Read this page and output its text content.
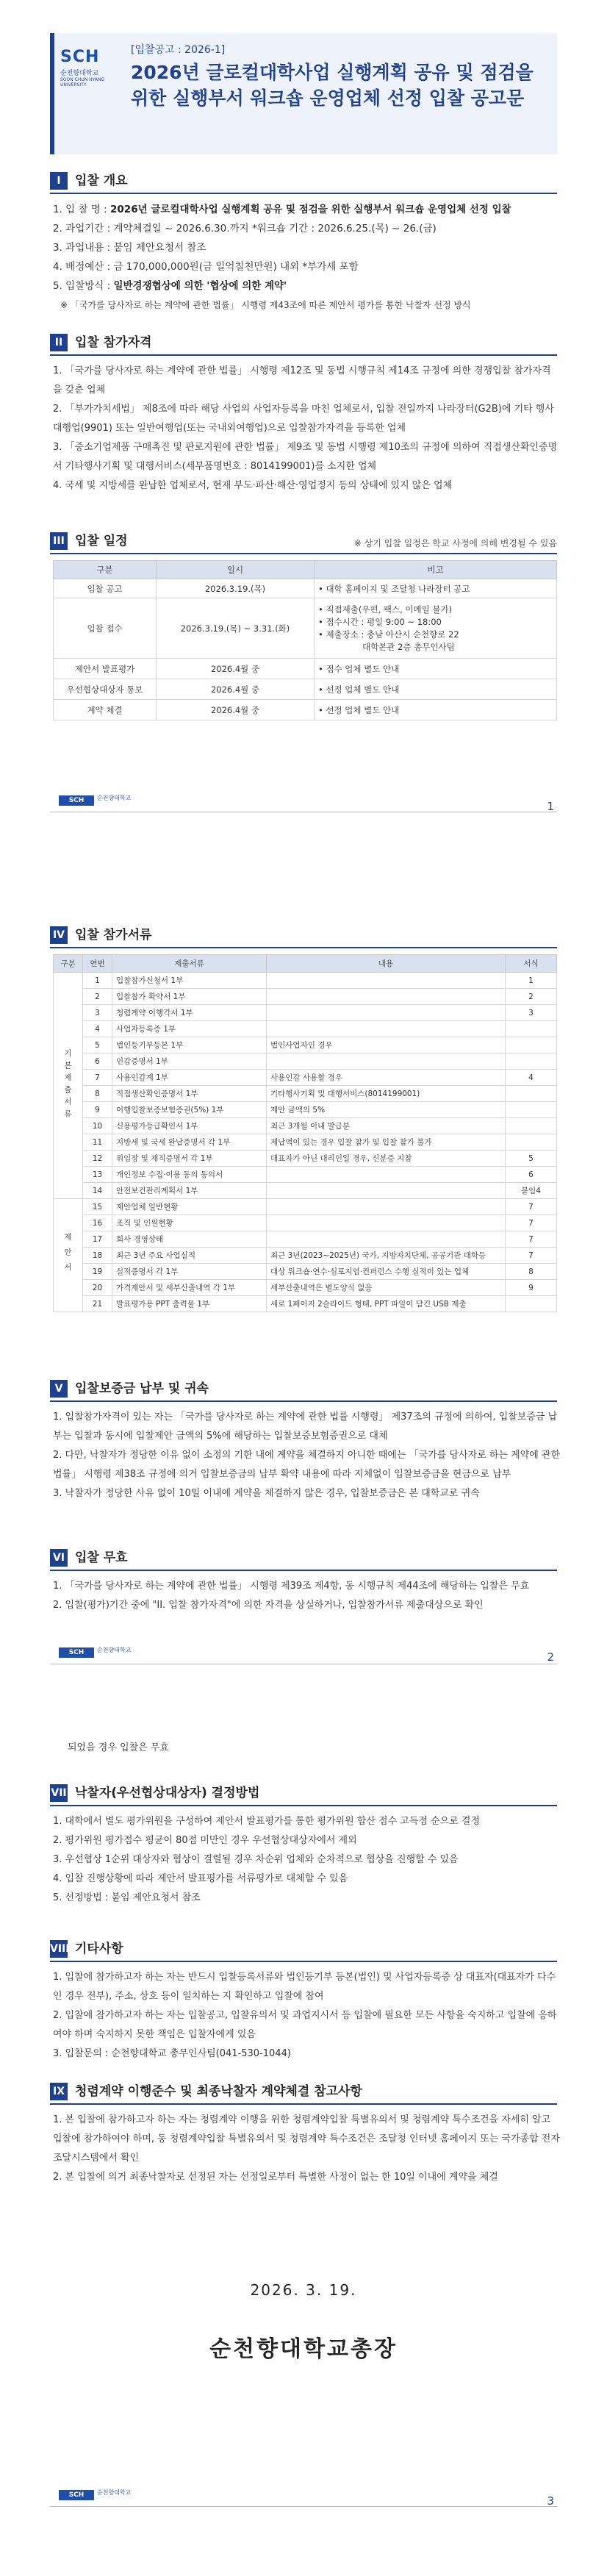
SCH
순천향대학교
SOON CHUN HYANG UNIVERSITY
[입찰공고 : 2026-1]
2026년 글로컬대학사업 실행계획 공유 및 점검을 위한 실행부서 워크숍 운영업체 선정 입찰 공고문
I	입찰 개요

1. 입 찰 명 : 2026년 글로컬대학사업 실행계획 공유 및 점검을 위한 실행부서 워크숍 운영업체 선정 입찰

2. 과업기간 : 계약체결일 ~ 2026.6.30.까지 *워크숍 기간 : 2026.6.25.(목) ~ 26.(금)

3. 과업내용 : 붙임 제안요청서 참조

4. 배정예산 : 금 170,000,000원(금 일억칠천만원) 내외 *부가세 포함

5. 입찰방식 : 일반경쟁협상에 의한 '협상에 의한 계약'

※ 「국가를 당사자로 하는 계약에 관한 법률」 시행령 제43조에 따른 제안서 평가를 통한 낙찰자 선정 방식

II 입찰 참가자격

1. 「국가를 당사자로 하는 계약에 관한 법률」 시행령 제12조 및 동법 시행규칙 제14조 규정에 의한 경쟁입찰 참가자격을 갖춘 업체

2. 「부가가치세법」 제8조에 따라 해당 사업의 사업자등록을 마친 업체로서, 입찰 전일까지 나라장터(G2B)에 기타 행사대행업(9901) 또는 일반여행업(또는 국내외여행업)으로 입찰참가자격을 등록한 업체

3. 「중소기업제품 구매촉진 및 판로지원에 관한 법률」 제9조 및 동법 시행령 제10조의 규정에 의하여 직접생산확인증명서 기타행사기획 및 대행서비스(세부품명번호 : 8014199001)를 소지한 업체

4. 국세 및 지방세를 완납한 업체로서, 현재 부도·파산·해산·영업정지 등의 상태에 있지 않은 업체

III 입찰 일정	※ 상기 입찰 일정은 학교 사정에 의해 변경될 수 있음
구분	일시	비고
입찰 공고	2026.3.19.(목)	• 대학 홈페이지 및 조달청 나라장터 공고
입찰 접수	2026.3.19.(목) ~ 3.31.(화)	• 직접제출(우편, 팩스, 이메일 불가)
• 접수시간 : 평일 9:00 ~ 18:00
• 제출장소 : 충남 아산시 순천향로 22
대학본관 2층 총무인사팀

제안서 발표평가	2026.4월 중	• 접수 업체 별도 안내
우선협상대상자 통보	2026.4월 중	• 선정 업체 별도 안내
계약 체결	2026.4월 중	• 선정 업체 별도 안내
SCH	순천향대학교
1
IV 입찰 참가서류
구분	연번	제출서류	내용	서식
기본제출서류	1	입찰참가신청서 1부		1
	2	입찰참가 확약서 1부		2
	3	청렴계약 이행각서 1부		3
	4	사업자등록증 1부		
	5	법인등기부등본 1부	법인사업자인 경우	
	6	인감증명서 1부		
	7	사용인감계 1부	사용인감 사용할 경우	4
	8	직접생산확인증명서 1부	기타행사기획 및 대행서비스(8014199001)	
	9	이행입찰보증보험증권(5%) 1부	제안 금액의 5%	
	10	신용평가등급확인서 1부	최근 3개월 이내 발급분	
	11	지방세 및 국세 완납증명서 각 1부	제납액이 있는 경우 입찰 참가 및 입찰 참가 불가	
	12	위임장 및 재직증명서 각 1부	대표자가 아닌 대리인일 경우, 신분증 지참	5
	13	개인정보 수집·이용 동의 동의서		6
	14	안전보건관리계획서 1부		붙임4
제안서	15	제안업체 일반현황		7
	16	조직 및 인원현황		7
	17	회사 경영상태		7
	18	최근 3년 주요 사업실적	최근 3년(2023~2025년) 국가, 지방자치단체, 공공기관 대학등	7
	19	실적증명서 각 1부	대상 워크숍·연수·심포지엄·컨퍼런스 수행 실적이 있는 업체	8
	20	가격제안서 및 세부산출내역 각 1부	세부산출내역은 별도양식 없음	9
	21	발표평가용 PPT 출력물 1부	세로 1페이지 2슬라이드 형태, PPT 파일이 담긴 USB 제출	
V 입찰보증금 납부 및 귀속

1. 입찰참가자격이 있는 자는 「국가를 당사자로 하는 계약에 관한 법률 시행령」 제37조의 규정에 의하여, 입찰보증금 납부는 입찰과 동시에 입찰제안 금액의 5%에 해당하는 입찰보증보험증권으로 대체

2. 다만, 낙찰자가 정당한 이유 없이 소정의 기한 내에 계약을 체결하지 아니한 때에는 「국가를 당사자로 하는 계약에 관한 법률」 시행령 제38조 규정에 의거 입찰보증금의 납부 확약 내용에 따라 지체없이 입찰보증금을 현금으로 납부

3. 낙찰자가 정당한 사유 없이 10일 이내에 계약을 체결하지 않은 경우, 입찰보증금은 본 대학교로 귀속

VI 입찰 무효

1. 「국가를 당사자로 하는 계약에 관한 법률」 시행령 제39조 제4항, 동 시행규칙 제44조에 해당하는 입찰은 무효

2. 입찰(평가)기간 중에 "II. 입찰 참가자격"에 의한 자격을 상실하거나, 입찰참가서류 제출대상으로 확인

SCH	순천향대학교
2
되었을 경우 입찰은 무효
VII 낙찰자(우선협상대상자) 결정방법

1. 대학에서 별도 평가위원을 구성하여 제안서 발표평가를 통한 평가위원 합산 점수 고득점 순으로 결정

2. 평가위원 평가점수 평균이 80점 미만인 경우 우선협상대상자에서 제외

3. 우선협상 1순위 대상자와 협상이 결렬될 경우 차순위 업체와 순차적으로 협상을 진행할 수 있음

4. 입찰 진행상황에 따라 제안서 발표평가를 서류평가로 대체할 수 있음

5. 선정방법 : 붙임 제안요청서 참조

VIII 기타사항

1. 입찰에 참가하고자 하는 자는 반드시 입찰등록서류와 법인등기부 등본(법인) 및 사업자등록증 상 대표자(대표자가 다수인 경우 전부), 주소, 상호 등이 일치하는 지 확인하고 입찰에 참여

2. 입찰에 참가하고자 하는 자는 입찰공고, 입찰유의서 및 과업지시서 등 입찰에 필요한 모든 사항을 숙지하고 입찰에 응하여야 하며 숙지하지 못한 책임은 입찰자에게 있음

3. 입찰문의 : 순천향대학교 총무인사팀(041-530-1044)

IX 청렴계약 이행준수 및 최종낙찰자 계약체결 참고사항

1. 본 입찰에 참가하고자 하는 자는 청렴계약 이행을 위한 청렴계약입찰 특별유의서 및 청렴계약 특수조건을 자세히 알고 입찰에 참가하여야 하며, 동 청렴계약입찰 특별유의서 및 청렴계약 특수조건은 조달청 인터넷 홈페이지 또는 국가종합 전자조달시스템에서 확인

2. 본 입찰에 의거 최종낙찰자로 선정된 자는 선정일로부터 특별한 사정이 없는 한 10일 이내에 계약을 체결

2026. 3. 19.
순천향대학교총장
SCH	순천향대학교
3
